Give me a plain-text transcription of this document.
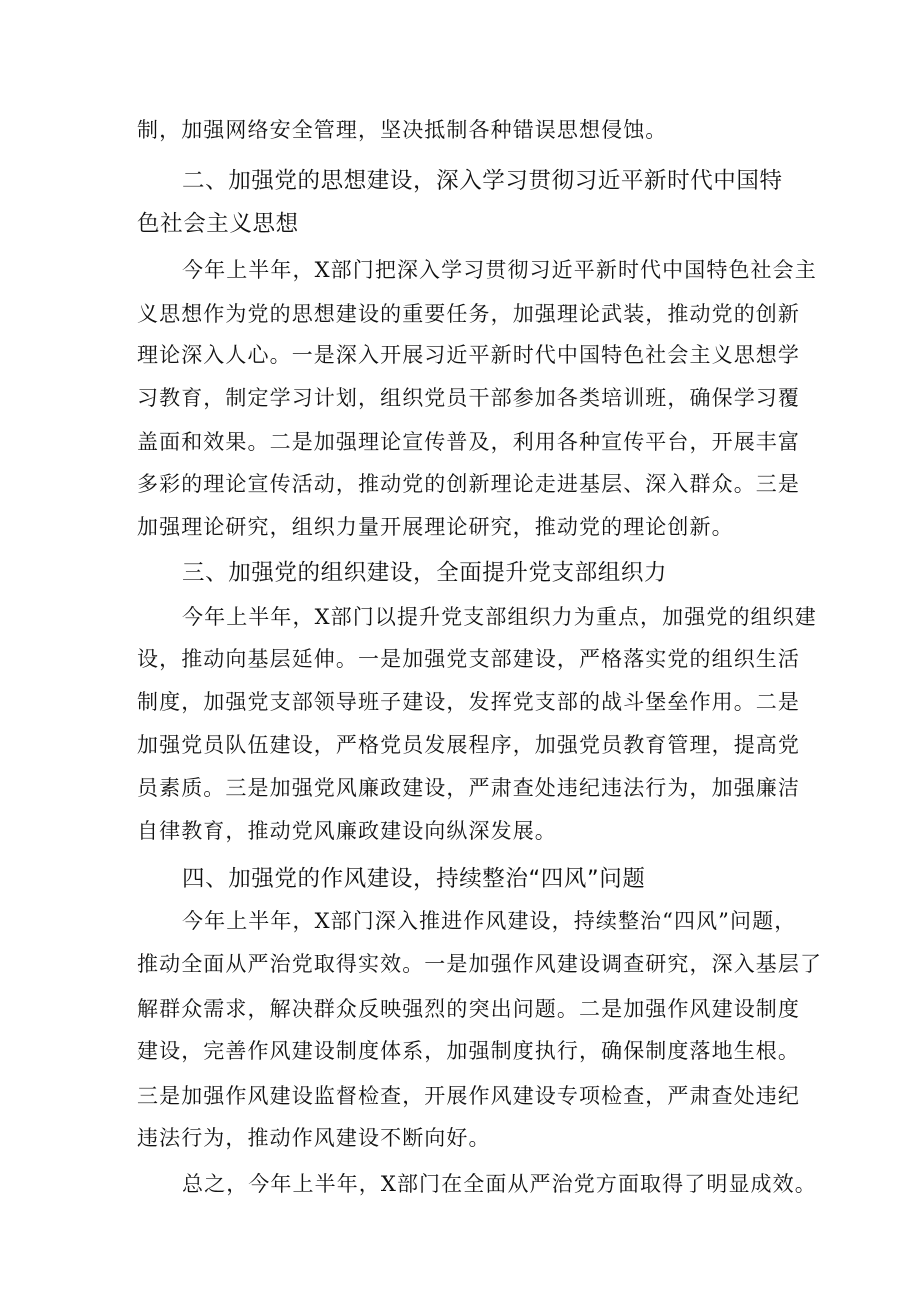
制，加强网络安全管理，坚决抵制各种错误思想侵蚀。
二、加强党的思想建设，深入学习贯彻习近平新时代中国特
色社会主义思想
今年上半年，X部门把深入学习贯彻习近平新时代中国特色社会主
义思想作为党的思想建设的重要任务，加强理论武装，推动党的创新
理论深入人心。一是深入开展习近平新时代中国特色社会主义思想学
习教育，制定学习计划，组织党员干部参加各类培训班，确保学习覆
盖面和效果。二是加强理论宣传普及，利用各种宣传平台，开展丰富
多彩的理论宣传活动，推动党的创新理论走进基层、深入群众。三是
加强理论研究，组织力量开展理论研究，推动党的理论创新。
三、加强党的组织建设，全面提升党支部组织力
今年上半年，X部门以提升党支部组织力为重点，加强党的组织建
设，推动向基层延伸。一是加强党支部建设，严格落实党的组织生活
制度，加强党支部领导班子建设，发挥党支部的战斗堡垒作用。二是
加强党员队伍建设，严格党员发展程序，加强党员教育管理，提高党
员素质。三是加强党风廉政建设，严肃查处违纪违法行为，加强廉洁
自律教育，推动党风廉政建设向纵深发展。
四、加强党的作风建设，持续整治“四风”问题
今年上半年，X部门深入推进作风建设，持续整治“四风”问题，
推动全面从严治党取得实效。一是加强作风建设调查研究，深入基层了
解群众需求，解决群众反映强烈的突出问题。二是加强作风建设制度
建设，完善作风建设制度体系，加强制度执行，确保制度落地生根。
三是加强作风建设监督检查，开展作风建设专项检查，严肃查处违纪
违法行为，推动作风建设不断向好。
总之，今年上半年，X部门在全面从严治党方面取得了明显成效。
